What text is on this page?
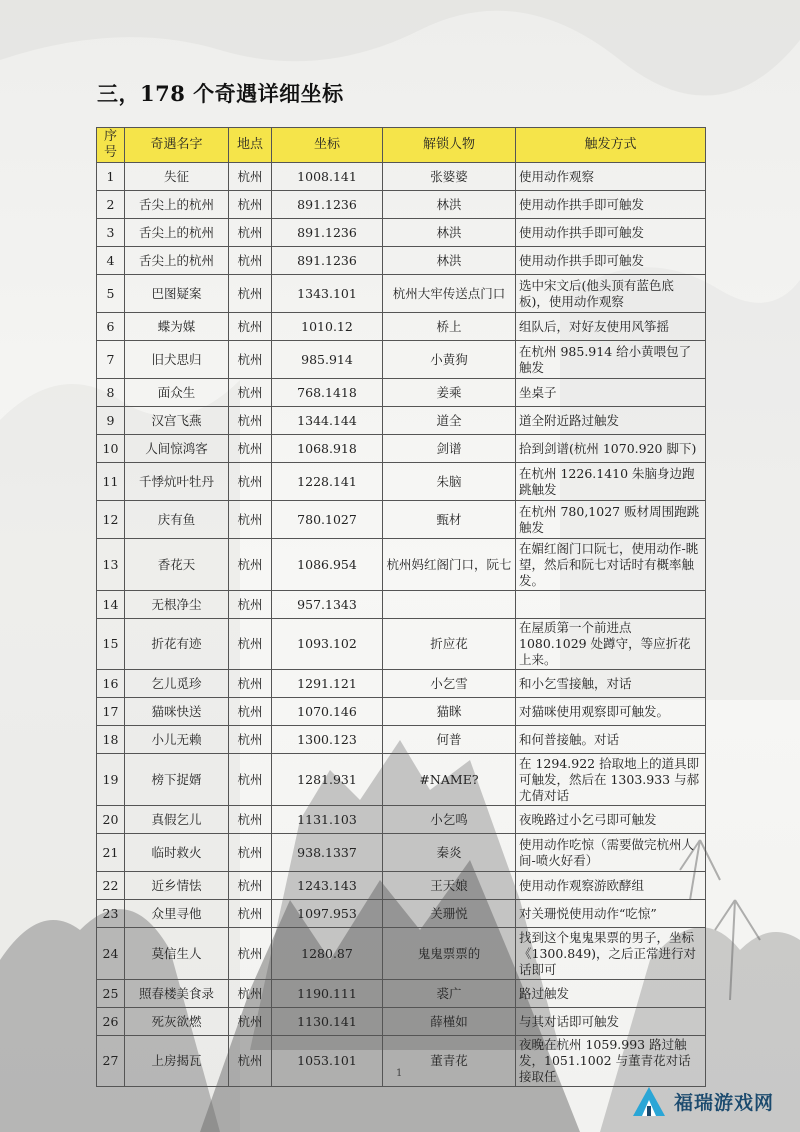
三，178 个奇遇详细坐标
序号	奇遇名字	地点	坐标	解锁人物	触发方式
1	失征	杭州	1008.141	张婆婆	使用动作观察
2	舌尖上的杭州	杭州	891.1236	林洪	使用动作拱手即可触发
3	舌尖上的杭州	杭州	891.1236	林洪	使用动作拱手即可触发
4	舌尖上的杭州	杭州	891.1236	林洪	使用动作拱手即可触发
5	巴图疑案	杭州	1343.101	杭州大牢传送点门口	选中宋文后(他头顶有蓝色底板)，使用动作观察
6	蝶为媒	杭州	1010.12	桥上	组队后，对好友使用风筝摇
7	旧犬思归	杭州	985.914	小黄狗	在杭州 985.914 给小黄喂包了触发
8	面众生	杭州	768.1418	姜乘	坐桌子
9	汉宫飞燕	杭州	1344.144	道全	道全附近路过触发
10	人间惊鸿客	杭州	1068.918	剑谱	拾到剑谱(杭州 1070.920 脚下)
11	千悸炕叶牡丹	杭州	1228.141	朱脑	在杭州 1226.1410 朱脑身边跑跳触发
12	庆有鱼	杭州	780.1027	甄材	在杭州 780,1027 贩材周围跑跳触发
13	香花天	杭州	1086.954	杭州妈红阁门口，阮七	在媚红阁门口阮七，使用动作-眺望，然后和阮七对话时有概率触发。
14	无根净尘	杭州	957.1343		
15	折花有迹	杭州	1093.102	折应花	在屋质第一个前进点 1080.1029 处蹲守，等应折花上来。
16	乞儿觅珍	杭州	1291.121	小乞雪	和小乞雪接触，对话
17	猫咪快送	杭州	1070.146	猫眯	对猫咪使用观察即可触发。
18	小儿无赖	杭州	1300.123	何普	和何普接触。对话
19	榜下捉婿	杭州	1281.931	#NAME?	在 1294.922 拾取地上的道具即可触发，然后在 1303.933 与郝尤倩对话
20	真假乞儿	杭州	1131.103	小乞鸣	夜晚路过小乞弓即可触发
21	临时救火	杭州	938.1337	秦炎	使用动作吃惊（需要做完杭州人间-喷火好看）
22	近乡情怯	杭州	1243.143	王天娘	使用动作观察游欧酵组
23	众里寻他	杭州	1097.953	关珊悦	对关珊悦使用动作“吃惊”
24	莫信生人	杭州	1280.87	鬼鬼票票的	找到这个鬼鬼果票的男子，坐标《1300.849)，之后正常进行对话即可
25	照春楼美食录	杭州	1190.111	裘广	路过触发
26	死灰欲燃	杭州	1130.141	薛槿如	与其对话即可触发
27	上房揭瓦	杭州	1053.101	董青花	夜晚在杭州 1059.993 路过触发，1051.1002 与董青花对话接取任
1
福瑞游戏网
